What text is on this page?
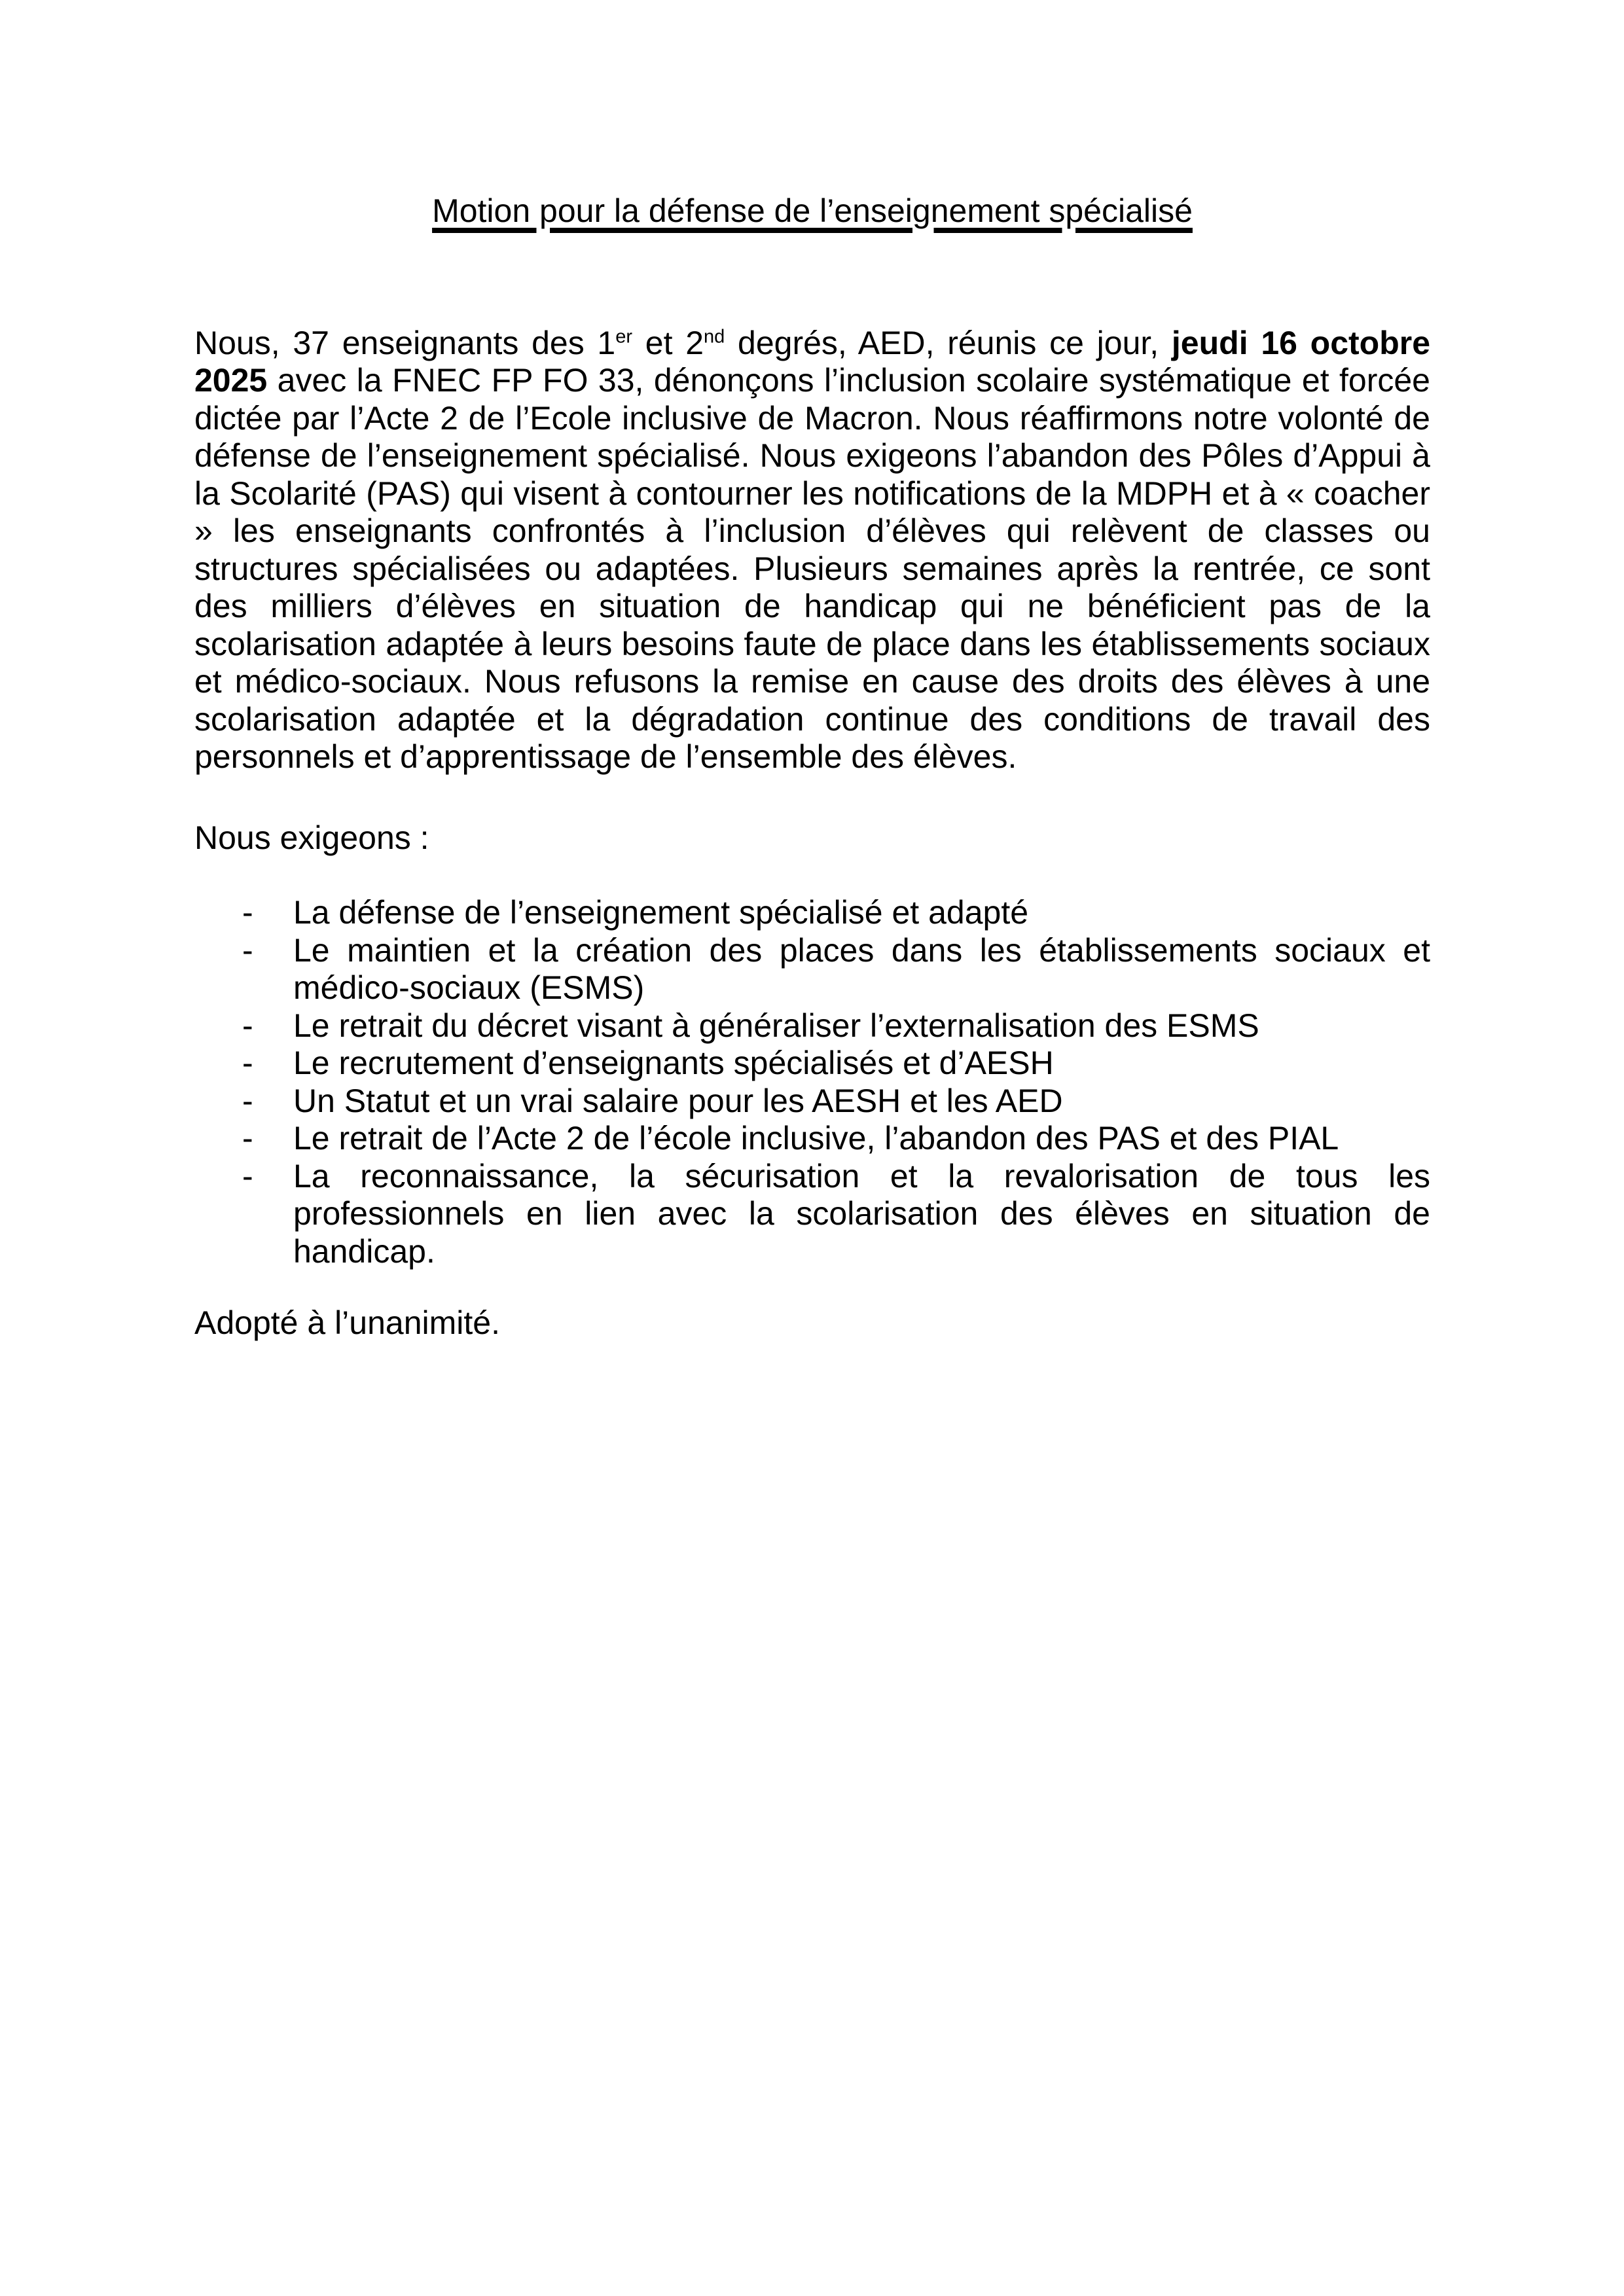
Motion pour la défense de l’enseignement spécialisé

Nous, 37 enseignants des 1er et 2nd degrés, AED, réunis ce jour, jeudi 16 octobre 2025 avec la FNEC FP FO 33, dénonçons l’inclusion scolaire systématique et forcée dictée par l’Acte 2 de l’Ecole inclusive de Macron. Nous réaffirmons notre volonté de défense de l’enseignement spécialisé. Nous exigeons l’abandon des Pôles d’Appui à la Scolarité (PAS) qui visent à contourner les notifications de la MDPH et à « coacher » les enseignants confrontés à l’inclusion d’élèves qui relèvent de classes ou structures spécialisées ou adaptées. Plusieurs semaines après la rentrée, ce sont des milliers d’élèves en situation de handicap qui ne bénéficient pas de la scolarisation adaptée à leurs besoins faute de place dans les établissements sociaux et médico-sociaux. Nous refusons la remise en cause des droits des élèves à une scolarisation adaptée et la dégradation continue des conditions de travail des personnels et d’apprentissage de l’ensemble des élèves.

Nous exigeons :

-	La défense de l’enseignement spécialisé et adapté
-	Le maintien et la création des places dans les établissements sociaux et médico-sociaux (ESMS)
-	Le retrait du décret visant à généraliser l’externalisation des ESMS
-	Le recrutement d’enseignants spécialisés et d’AESH
-	Un Statut et un vrai salaire pour les AESH et les AED
-	Le retrait de l’Acte 2 de l’école inclusive, l’abandon des PAS et des PIAL
-	La reconnaissance, la sécurisation et la revalorisation de tous les professionnels en lien avec la scolarisation des élèves en situation de handicap.

Adopté à l’unanimité.
